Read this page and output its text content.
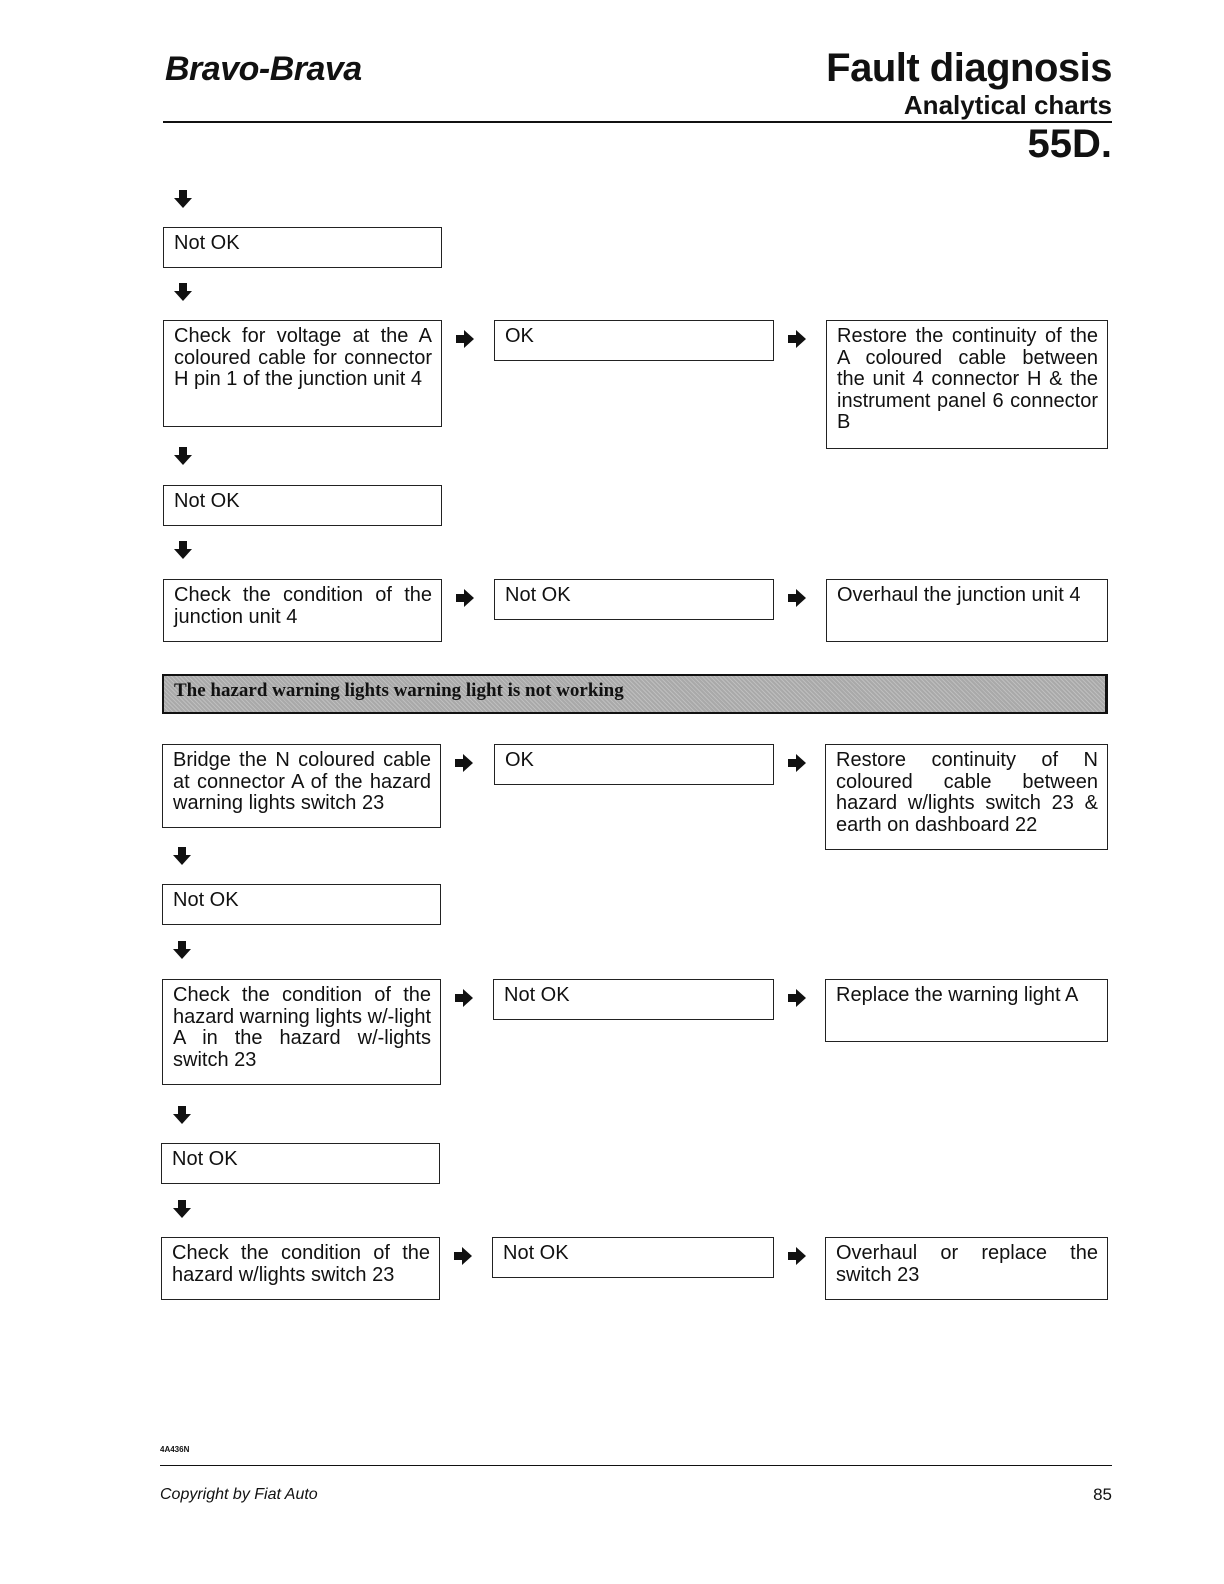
Bravo-Brava	Fault diagnosis
Analytical charts
55D.
Not OK
Check for voltage at the A coloured cable for connector H pin 1 of the junction unit 4
OK	Restore the continuity of the A coloured cable between the unit 4 connector H & the instrument panel 6 connector B
Not OK
Check the condition of the junction unit 4
Not OK	Overhaul the junction unit 4
The hazard warning lights warning light is not working
Bridge the N coloured cable at connector A of the hazard warning lights switch 23
OK	Restore continuity of N coloured cable between hazard w/lights switch 23 & earth on dashboard 22
Not OK
Check the condition of the hazard warning lights w/-light A in the hazard w/-lights switch 23
Not OK	Replace the warning light A
Not OK
Check the condition of the hazard w/lights switch 23
Not OK	Overhaul or replace the switch 23
4A436N
Copyright by Fiat Auto	85
